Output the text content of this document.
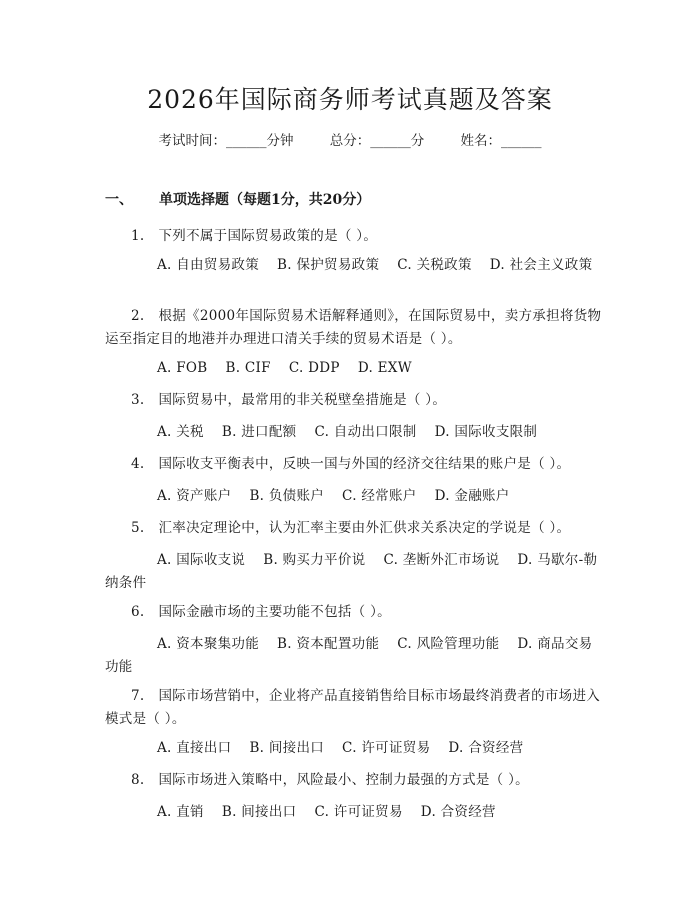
2026年国际商务师考试真题及答案
考试时间：______分钟	总分：______分	姓名：______
一、 单项选择题（每题1分，共20分）
1. 下列不属于国际贸易政策的是（ ）。
A. 自由贸易政策 B. 保护贸易政策 C. 关税政策 D. 社会主义政策
2. 根据《2000年国际贸易术语解释通则》，在国际贸易中，卖方承担将货物运至指定目的地港并办理进口清关手续的贸易术语是（ ）。
A. FOB B. CIF C. DDP D. EXW
3. 国际贸易中，最常用的非关税壁垒措施是（ ）。
A. 关税 B. 进口配额 C. 自动出口限制 D. 国际收支限制
4. 国际收支平衡表中，反映一国与外国的经济交往结果的账户是（ ）。
A. 资产账户 B. 负债账户 C. 经常账户 D. 金融账户
5. 汇率决定理论中，认为汇率主要由外汇供求关系决定的学说是（ ）。
A. 国际收支说 B. 购买力平价说 C. 垄断外汇市场说 D. 马歇尔-勒纳条件
6. 国际金融市场的主要功能不包括（ ）。
A. 资本聚集功能 B. 资本配置功能 C. 风险管理功能 D. 商品交易功能
7. 国际市场营销中，企业将产品直接销售给目标市场最终消费者的市场进入模式是（ ）。
A. 直接出口 B. 间接出口 C. 许可证贸易 D. 合资经营
8. 国际市场进入策略中，风险最小、控制力最强的方式是（ ）。
A. 直销 B. 间接出口 C. 许可证贸易 D. 合资经营
